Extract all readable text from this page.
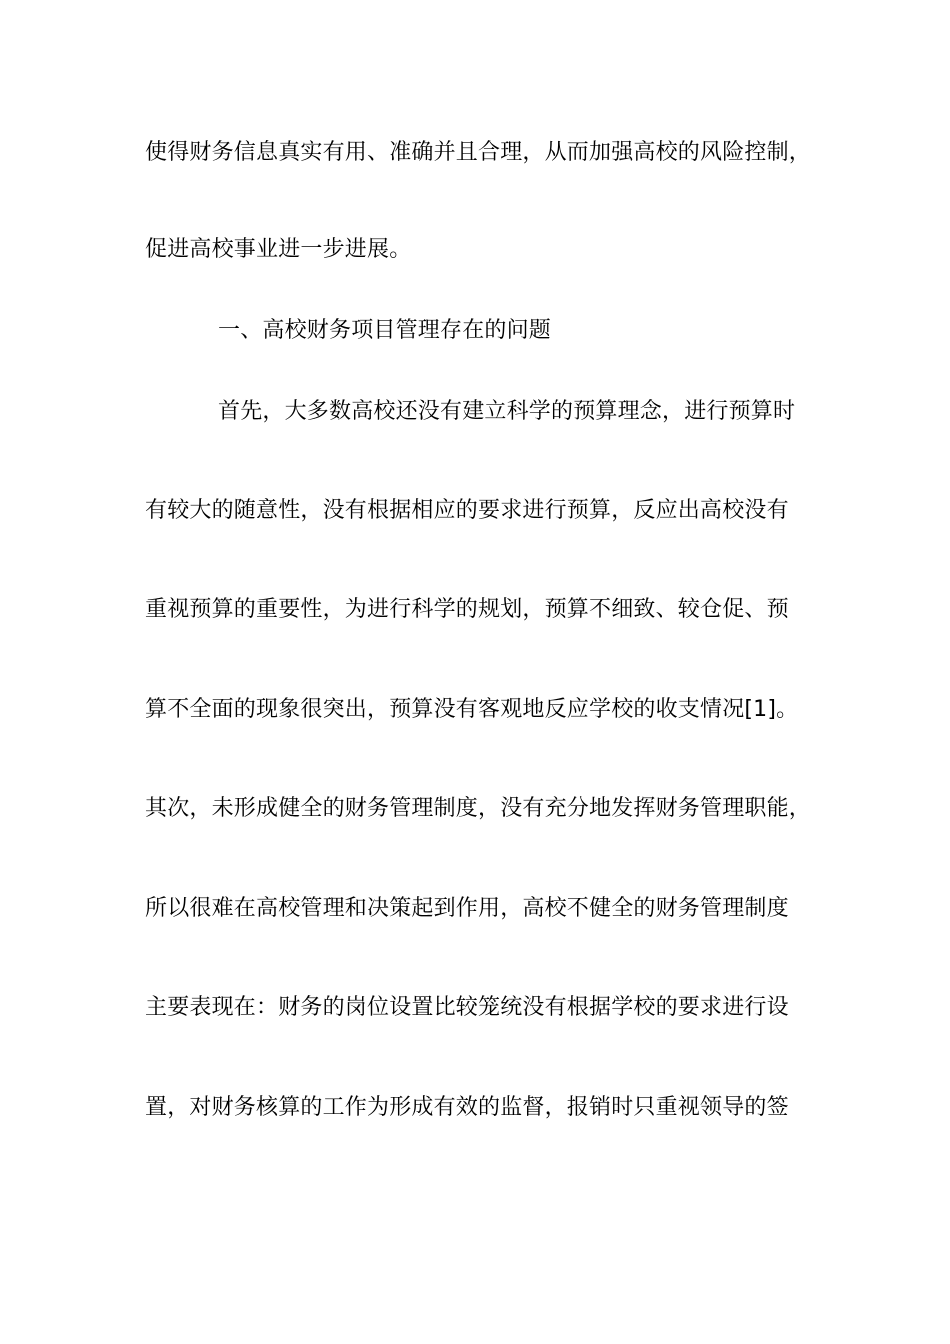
使得财务信息真实有用、准确并且合理，从而加强高校的风险控制，
促进高校事业进一步进展。
一、高校财务项目管理存在的问题
首先，大多数高校还没有建立科学的预算理念，进行预算时
有较大的随意性，没有根据相应的要求进行预算，反应出高校没有
重视预算的重要性，为进行科学的规划，预算不细致、较仓促、预
算不全面的现象很突出，预算没有客观地反应学校的收支情况[1]。
其次，未形成健全的财务管理制度，没有充分地发挥财务管理职能，
所以很难在高校管理和决策起到作用，高校不健全的财务管理制度
主要表现在：财务的岗位设置比较笼统没有根据学校的要求进行设
置，对财务核算的工作为形成有效的监督，报销时只重视领导的签
